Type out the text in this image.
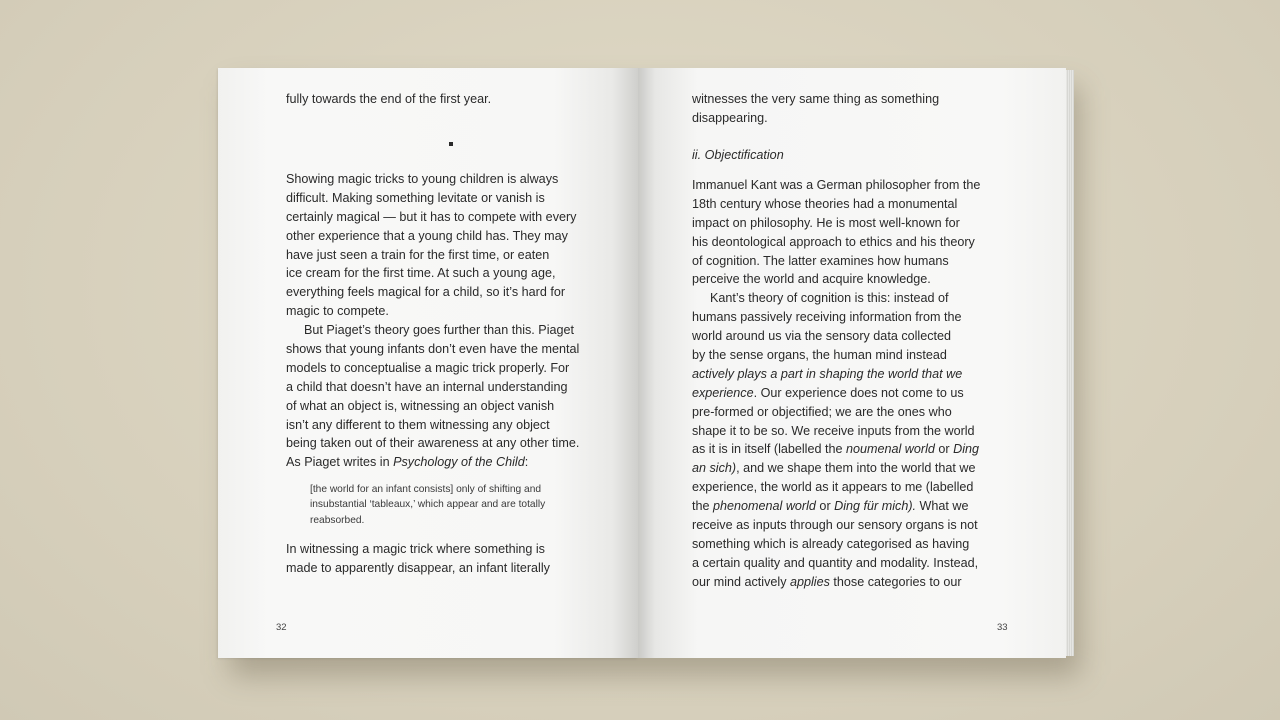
fully towards the end of the first year.
Showing magic tricks to young children is always
difficult. Making something levitate or vanish is
certainly magical — but it has to compete with every
other experience that a young child has. They may
have just seen a train for the first time, or eaten
ice cream for the first time. At such a young age,
everything feels magical for a child, so it’s hard for
magic to compete.
But Piaget’s theory goes further than this. Piaget
shows that young infants don’t even have the mental
models to conceptualise a magic trick properly. For
a child that doesn’t have an internal understanding
of what an object is, witnessing an object vanish
isn’t any different to them witnessing any object
being taken out of their awareness at any other time.
As Piaget writes in Psychology of the Child:
[the world for an infant consists] only of shifting and
insubstantial ‘tableaux,’ which appear and are totally
reabsorbed.
In witnessing a magic trick where something is
made to apparently disappear, an infant literally
32
witnesses the very same thing as something
disappearing.
ii. Objectification
Immanuel Kant was a German philosopher from the
18th century whose theories had a monumental
impact on philosophy. He is most well-known for
his deontological approach to ethics and his theory
of cognition. The latter examines how humans
perceive the world and acquire knowledge.
Kant’s theory of cognition is this: instead of
humans passively receiving information from the
world around us via the sensory data collected
by the sense organs, the human mind instead
actively plays a part in shaping the world that we
experience. Our experience does not come to us
pre-formed or objectified; we are the ones who
shape it to be so. We receive inputs from the world
as it is in itself (labelled the noumenal world or Ding
an sich), and we shape them into the world that we
experience, the world as it appears to me (labelled
the phenomenal world or Ding für mich). What we
receive as inputs through our sensory organs is not
something which is already categorised as having
a certain quality and quantity and modality. Instead,
our mind actively applies those categories to our
33
